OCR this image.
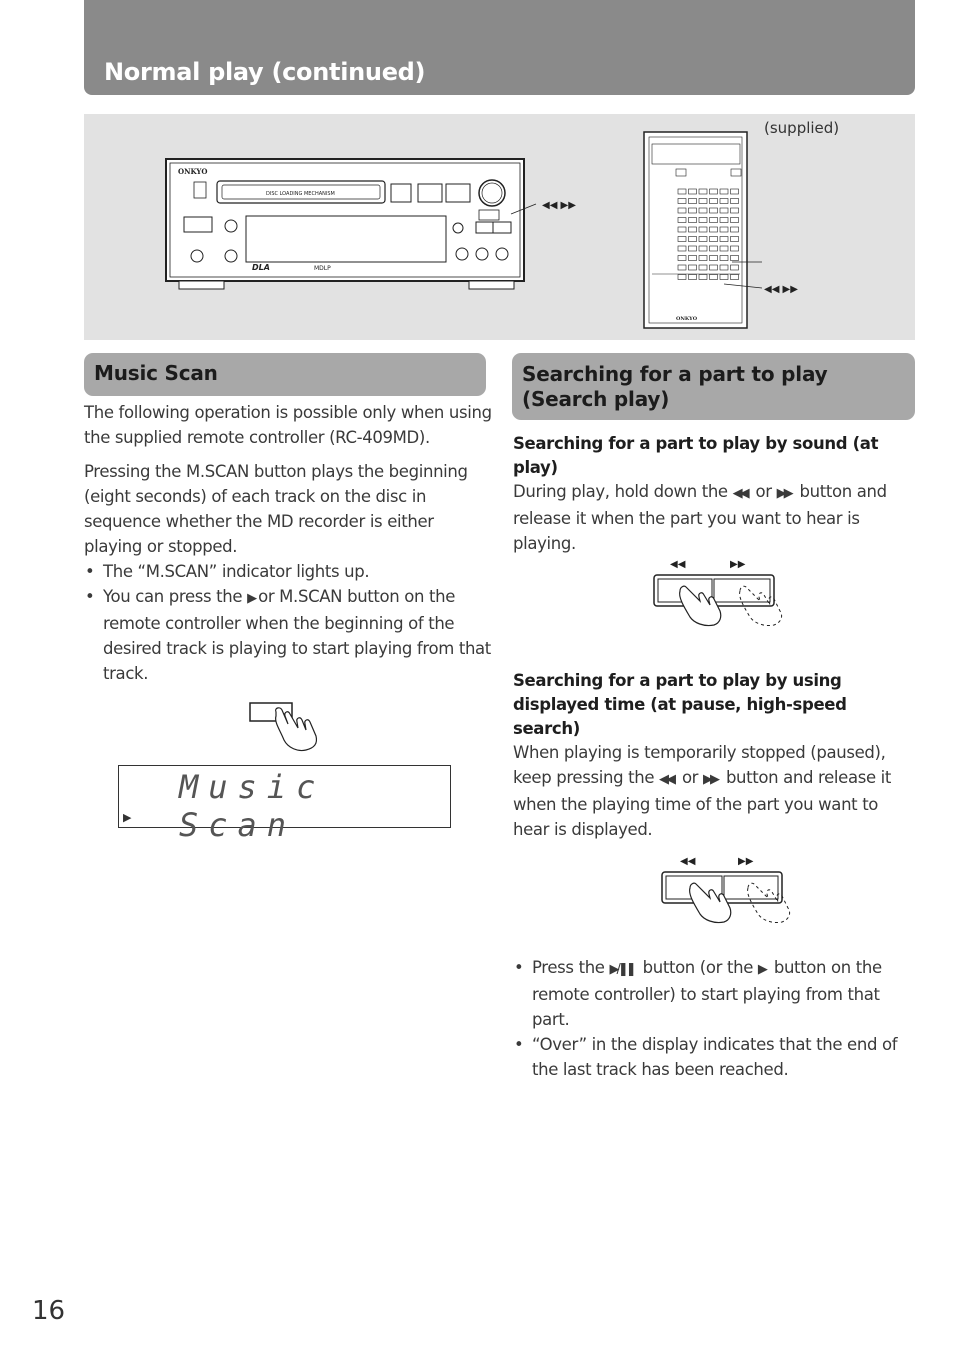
Normal play (continued)
ONKYO
DISC LOADING MECHANISM
DLA	MDLP
◀◀ ▶▶
ONKYO
◀◀ ▶▶
(supplied)
Music Scan

The following operation is possible only when using the supplied remote controller (RC-409MD).

Pressing the M.SCAN button plays the beginning (eight seconds) of each track on the disc in sequence whether the MD recorder is either playing or stopped.

• The “M.SCAN” indicator lights up.
• You can press the ▶ or M.SCAN button on the remote controller when the beginning of the desired track is playing to start playing from that track.
Music Scan
▶
Searching for a part to play (Search play)
Searching for a part to play by sound (at play)
During play, hold down the ◀◀ or ▶▶ button and release it when the part you want to hear is playing.
◀◀	▶▶
Searching for a part to play by using displayed time (at pause, high-speed search)
When playing is temporarily stopped (paused), keep pressing the ◀◀ or ▶▶ button and release it when the playing time of the part you want to hear is displayed.
◀◀	▶▶
• Press the ▶/❚❚ button (or the ▶ button on the remote controller) to start playing from that part.
• “Over” in the display indicates that the end of the last track has been reached.
16
